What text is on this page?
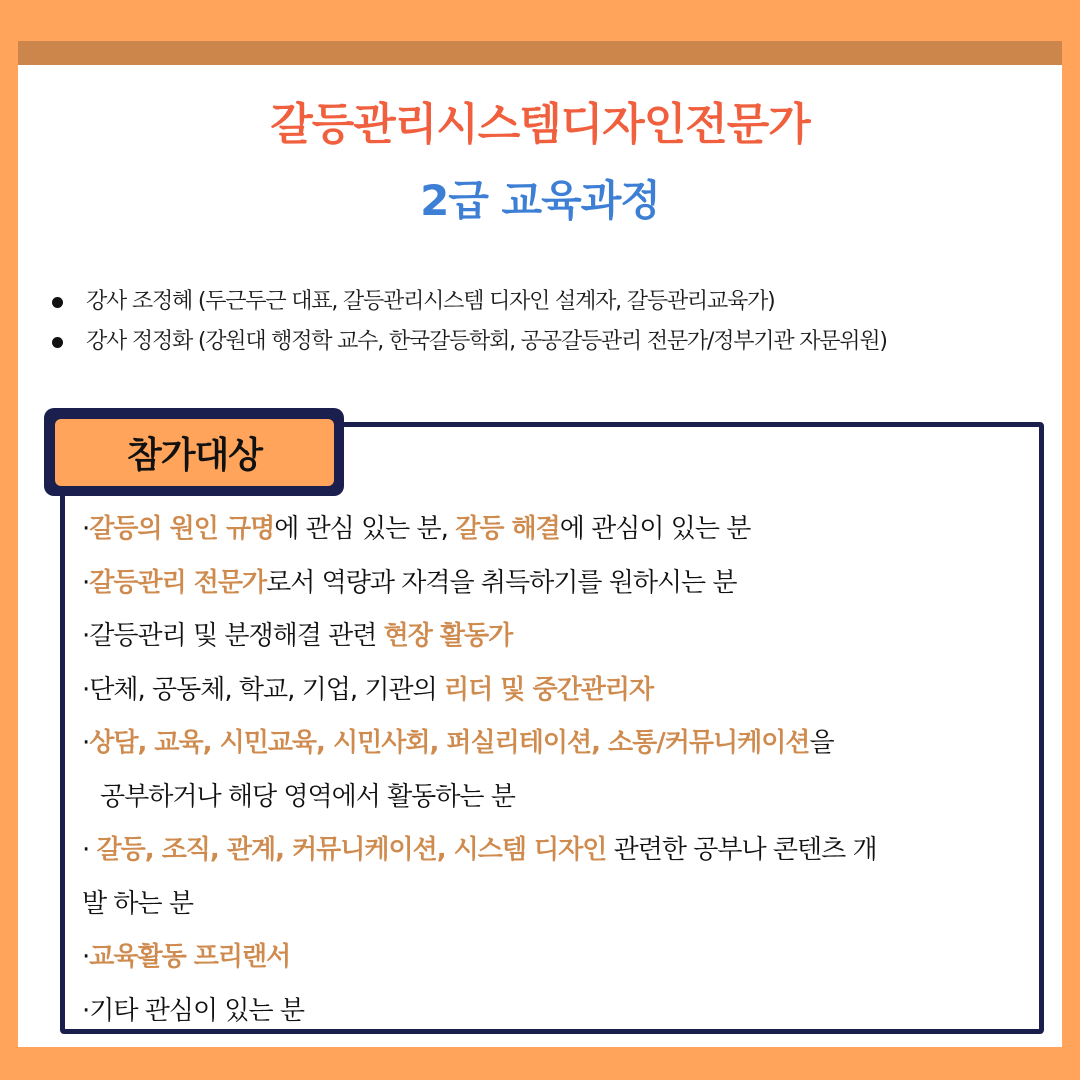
갈등관리시스템디자인전문가
2급 교육과정
강사 조정혜 (두근두근 대표, 갈등관리시스템 디자인 설계자, 갈등관리교육가)
강사 정정화 (강원대 행정학 교수, 한국갈등학회, 공공갈등관리 전문가/정부기관 자문위원)
참가대상
·갈등의 원인 규명에 관심 있는 분, 갈등 해결에 관심이 있는 분
·갈등관리 전문가로서 역량과 자격을 취득하기를 원하시는 분
·갈등관리 및 분쟁해결 관련 현장 활동가
·단체, 공동체, 학교, 기업, 기관의 리더 및 중간관리자
·상담, 교육, 시민교육, 시민사회, 퍼실리테이션, 소통/커뮤니케이션을
공부하거나 해당 영역에서 활동하는 분
· 갈등, 조직, 관계, 커뮤니케이션, 시스템 디자인 관련한 공부나 콘텐츠 개
발 하는 분
·교육활동 프리랜서
·기타 관심이 있는 분
